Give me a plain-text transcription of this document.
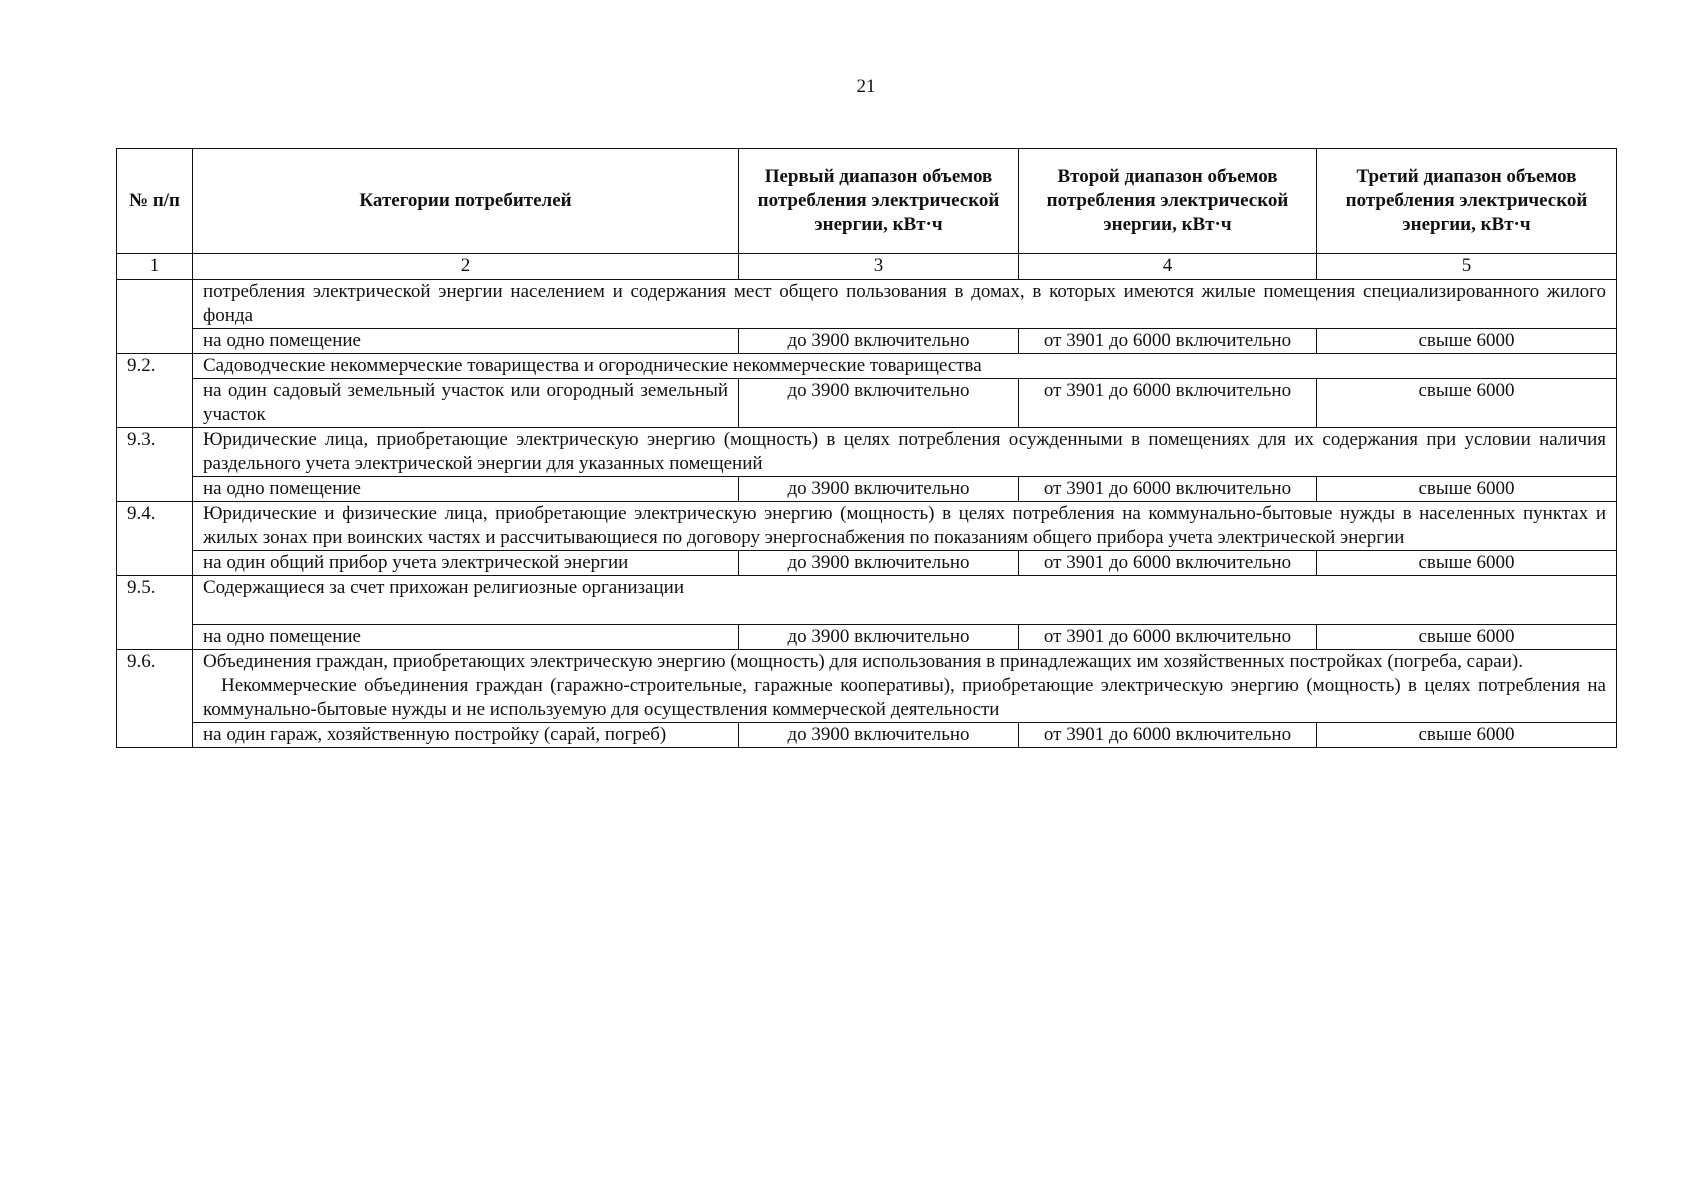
21
№ п/п	Категории потребителей	Первый диапазон объемов потребления электрической энергии, кВт·ч	Второй диапазон объемов потребления электрической энергии, кВт·ч	Третий диапазон объемов потребления электрической энергии, кВт·ч
1	2	3	4	5
	потребления электрической энергии населением и содержания мест общего пользования в домах, в которых имеются жилые помещения специализированного жилого фонда			
	на одно помещение	до 3900 включительно	от 3901 до 6000 включительно	свыше 6000
9.2.	Садоводческие некоммерческие товарищества и огороднические некоммерческие товарищества			
	на один садовый земельный участок или огородный земельный участок	до 3900 включительно	от 3901 до 6000 включительно	свыше 6000
9.3.	Юридические лица, приобретающие электрическую энергию (мощность) в целях потребления осужденными в помещениях для их содержания при условии наличия раздельного учета электрической энергии для указанных помещений			
	на одно помещение	до 3900 включительно	от 3901 до 6000 включительно	свыше 6000
9.4.	Юридические и физические лица, приобретающие электрическую энергию (мощность) в целях потребления на коммунально-бытовые нужды в населенных пунктах и жилых зонах при воинских частях и рассчитывающиеся по договору энергоснабжения по показаниям общего прибора учета электрической энергии			
	на один общий прибор учета электрической энергии	до 3900 включительно	от 3901 до 6000 включительно	свыше 6000
9.5.	Содержащиеся за счет прихожан религиозные организации			
	на одно помещение	до 3900 включительно	от 3901 до 6000 включительно	свыше 6000
9.6.	Объединения граждан, приобретающих электрическую энергию (мощность) для использования в принадлежащих им хозяйственных постройках (погреба, сараи).
Некоммерческие объединения граждан (гаражно-строительные, гаражные кооперативы), приобретающие электрическую энергию (мощность) в целях потребления на коммунально-бытовые нужды и не используемую для осуществления коммерческой деятельности			

	на один гараж, хозяйственную постройку (сарай, погреб)	до 3900 включительно	от 3901 до 6000 включительно	свыше 6000
